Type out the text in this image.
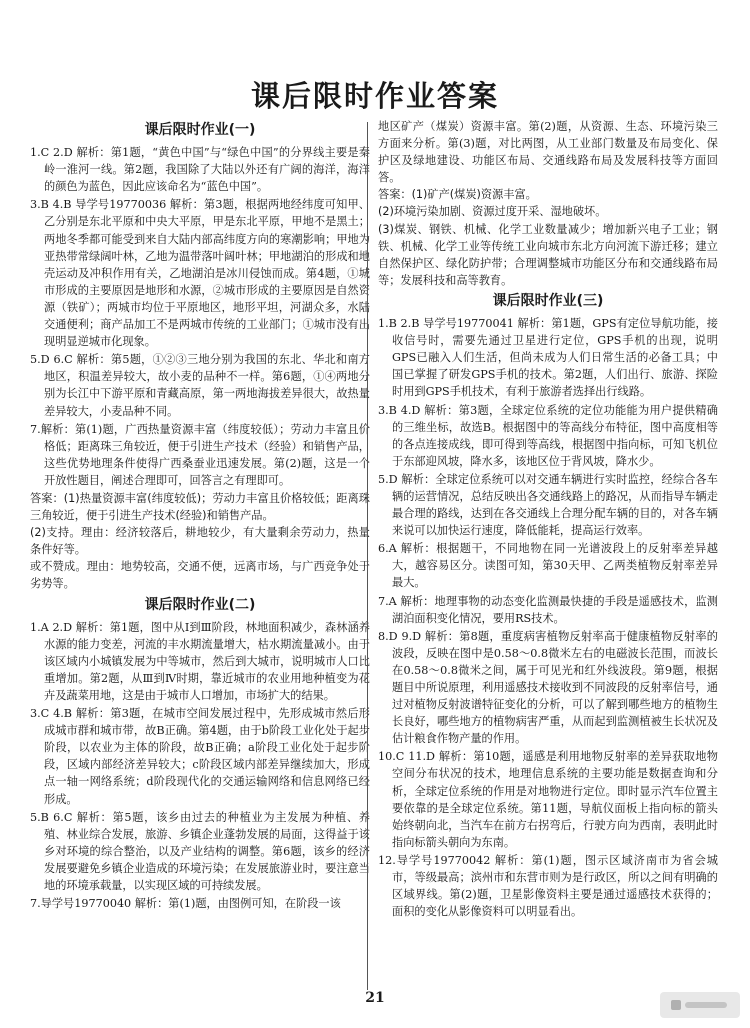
课后限时作业答案
课后限时作业(一)
1.C 2.D 解析：第1题，“黄色中国”与“绿色中国”的分界线主要是秦岭一淮河一线。第2题，我国除了大陆以外还有广阔的海洋，海洋的颜色为蓝色，因此应该命名为“蓝色中国”。
3.B 4.B 导学号19770036 解析：第3题，根据两地经纬度可知甲、乙分别是东北平原和中央大平原，甲是东北平原，甲地不是黑土；两地冬季都可能受到来自大陆内部高纬度方向的寒潮影响；甲地为亚热带常绿阔叶林，乙地为温带落叶阔叶林；甲地湖泊的形成和地壳运动及冲积作用有关，乙地湖泊是冰川侵蚀而成。第4题，①城市形成的主要原因是地形和水源，②城市形成的主要原因是自然资源（铁矿）；两城市均位于平原地区，地形平坦，河湖众多，水陆交通便利；商产品加工不是两城市传统的工业部门；①城市没有出现明显逆城市化现象。
5.D 6.C 解析：第5题，①②③三地分别为我国的东北、华北和南方地区，积温差异较大，故小麦的品种不一样。第6题，①④两地分别为长江中下游平原和青藏高原，第一两地海拔差异很大，故热量差异较大，小麦品种不同。
7.解析：第(1)题，广西热量资源丰富（纬度较低）；劳动力丰富且价格低；距离珠三角较近，便于引进生产技术（经验）和销售产品，这些优势地理条件使得广西桑蚕业迅速发展。第(2)题，这是一个开放性题目，阐述合理即可，回答言之有理即可。
答案：(1)热量资源丰富(纬度较低)；劳动力丰富且价格较低；距离珠三角较近，便于引进生产技术(经验)和销售产品。
(2)支持。理由：经济较落后，耕地较少，有大量剩余劳动力，热量条件好等。
或不赞成。理由：地势较高，交通不便，远离市场，与广西竞争处于劣势等。
课后限时作业(二)
1.A 2.D 解析：第1题，图中从Ⅰ到Ⅲ阶段，林地面积减少，森林涵养水源的能力变差，河流的丰水期流量增大，枯水期流量减小。由于该区域内小城镇发展为中等城市，然后到大城市，说明城市人口比重增加。第2题，从Ⅲ到Ⅳ时期，靠近城市的农业用地种植变为花卉及蔬菜用地，这是由于城市人口增加，市场扩大的结果。
3.C 4.B 解析：第3题，在城市空间发展过程中，先形成城市然后形成城市群和城市带，故B正确。第4题，由于b阶段工业化处于起步阶段，以农业为主体的阶段，故B正确；a阶段工业化处于起步阶段，区域内部经济差异较大；c阶段区域内部差异继续加大，形成点一轴一网络系统；d阶段现代化的交通运输网络和信息网络已经形成。
5.B 6.C 解析：第5题，该乡由过去的种植业为主发展为种植、养殖、林业综合发展，旅游、乡镇企业蓬勃发展的局面，这得益于该乡对环境的综合整治，以及产业结构的调整。第6题，该乡的经济发展要避免乡镇企业造成的环境污染；在发展旅游业时，要注意当地的环境承载量，以实现区域的可持续发展。
7.导学号19770040 解析：第(1)题，由图例可知，在阶段一该
地区矿产（煤炭）资源丰富。第(2)题，从资源、生态、环境污染三方面来分析。第(3)题，对比两图，从工业部门数量及布局变化、保护区及绿地建设、功能区布局、交通线路布局及发展科技等方面回答。
答案：(1)矿产(煤炭)资源丰富。
(2)环境污染加剧、资源过度开采、湿地破坏。
(3)煤炭、钢铁、机械、化学工业数量减少；增加新兴电子工业；钢铁、机械、化学工业等传统工业向城市东北方向河流下游迁移；建立自然保护区、绿化防护带；合理调整城市功能区分布和交通线路布局等；发展科技和高等教育。
课后限时作业(三)
1.B 2.B 导学号19770041 解析：第1题，GPS有定位导航功能，接收信号时，需要先通过卫星进行定位，GPS手机的出现，说明GPS已融入人们生活，但尚未成为人们日常生活的必备工具；中国已掌握了研发GPS手机的技术。第2题，人们出行、旅游、探险时用到GPS手机技术，有利于旅游者选择出行线路。
3.B 4.D 解析：第3题，全球定位系统的定位功能能为用户提供精确的三维坐标，故选B。根据图中的等高线分布特征，图中高度相等的各点连接成线，即可得到等高线，根据图中指向标，可知飞机位于东部迎风坡，降水多，该地区位于背风坡，降水少。
5.D 解析：全球定位系统可以对交通车辆进行实时监控，经综合各车辆的运营情况，总结反映出各交通线路上的路况，从而指导车辆走最合理的路线，达到在各交通线上合理分配车辆的目的，对各车辆来说可以加快运行速度，降低能耗，提高运行效率。
6.A 解析：根据题干，不同地物在同一光谱波段上的反射率差异越大，越容易区分。读图可知，第30天甲、乙两类植物反射率差异最大。
7.A 解析：地理事物的动态变化监测最快捷的手段是遥感技术，监测湖泊面积变化情况，要用RS技术。
8.D 9.D 解析：第8题，重度病害植物反射率高于健康植物反射率的波段，反映在图中是0.58～0.8微米左右的电磁波长范围，而波长在0.58～0.8微米之间，属于可见光和红外线波段。第9题，根据题目中所说原理，利用遥感技术接收到不同波段的反射率信号，通过对植物反射波谱特征变化的分析，可以了解到哪些地方的植物生长良好，哪些地方的植物病害严重，从而起到监测植被生长状况及估计粮食作物产量的作用。
10.C 11.D 解析：第10题，遥感是利用地物反射率的差异获取地物空间分布状况的技术，地理信息系统的主要功能是数据查询和分析，全球定位系统的作用是对地物进行定位。即时显示汽车位置主要依靠的是全球定位系统。第11题，导航仪面板上指向标的箭头始终朝向北，当汽车在前方右拐弯后，行驶方向为西南，表明此时指向标箭头朝向为东南。
12.导学号19770042 解析：第(1)题，图示区域济南市为省会城市，等级最高；滨州市和东营市则为是行政区，所以之间有明确的区域界线。第(2)题，卫星影像资料主要是通过遥感技术获得的；面积的变化从影像资料可以明显看出。
21
